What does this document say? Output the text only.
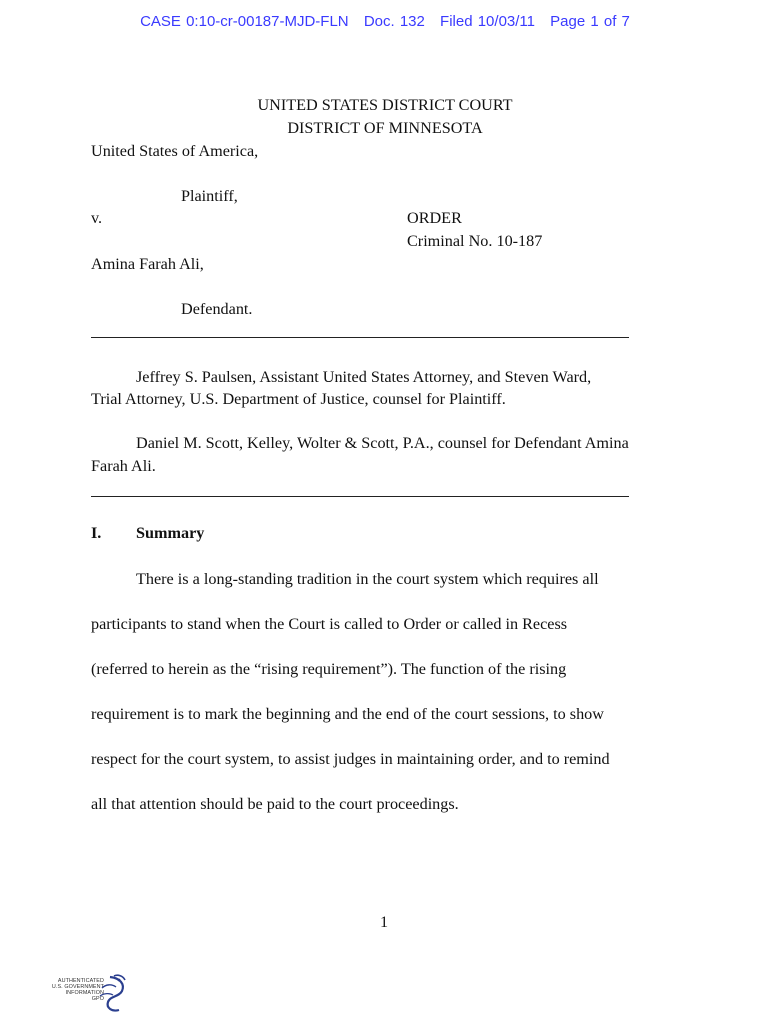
CASE 0:10-cr-00187-MJD-FLN Doc. 132 Filed 10/03/11 Page 1 of 7
UNITED STATES DISTRICT COURT
DISTRICT OF MINNESOTA
United States of America,
Plaintiff,
v.	ORDER
Criminal No. 10-187
Amina Farah Ali,
Defendant.
Jeffrey S. Paulsen, Assistant United States Attorney, and Steven Ward,
Trial Attorney, U.S. Department of Justice, counsel for Plaintiff.
Daniel M. Scott, Kelley, Wolter & Scott, P.A., counsel for Defendant Amina
Farah Ali.
I. Summary
There is a long-standing tradition in the court system which requires all
participants to stand when the Court is called to Order or called in Recess
(referred to herein as the “rising requirement”). The function of the rising
requirement is to mark the beginning and the end of the court sessions, to show
respect for the court system, to assist judges in maintaining order, and to remind
all that attention should be paid to the court proceedings.
1
AUTHENTICATED
U.S. GOVERNMENT
INFORMATION
GPO
